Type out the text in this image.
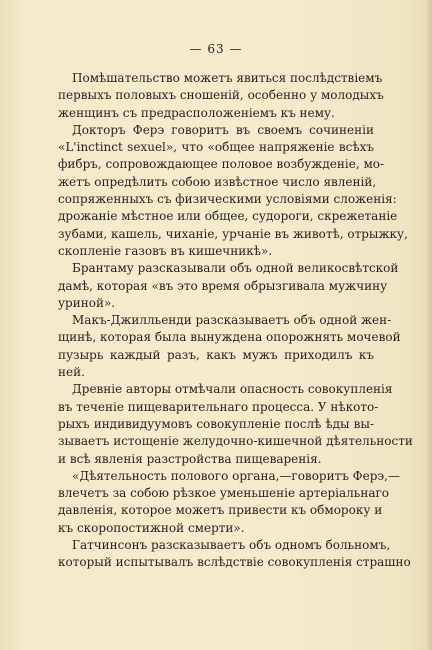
— 63 —
Помѣшательство можетъ явиться послѣдствіемъ
первыхъ половыхъ сношеній, особенно у молодыхъ
женщинъ съ предрасположеніемъ къ нему.
Докторъ Ферэ говоритъ въ своемъ сочиненіи
«L'inctinct sexuel», что «общее напряженіе всѣхъ
фибръ, сопровождающее половое возбужденіе, мо-
жетъ опредѣлить собою извѣстное число явленій,
сопряженныхъ съ физическими условіями сложенія:
дрожаніе мѣстное или общее, судороги, скрежетаніе
зубами, кашель, чиханіе, урчаніе въ животѣ, отрыжку,
скопленіе газовъ въ кишечникѣ».
Брантаму разсказывали объ одной великосвѣтской
дамѣ, которая «въ это время обрызгивала мужчину
уриной».
Макъ-Джилльенди разсказываетъ объ одной жен-
щинѣ, которая была вынуждена опорожнять мочевой
пузырь каждый разъ, какъ мужъ приходилъ къ
ней.
Древніе авторы отмѣчали опасность совокупленія
въ теченіе пищеварительнаго процесса. У нѣкото-
рыхъ индивидуумовъ совокупленіе послѣ ѣды вы-
зываетъ истощеніе желудочно-кишечной дѣятельности
и всѣ явленія разстройства пищеваренія.
«Дѣятельность полового органа,—говоритъ Ферэ,—
влечетъ за собою рѣзкое уменьшеніе артеріальнаго
давленія, которое можетъ привести къ обмороку и
къ скоропостижной смерти».
Гатчинсонъ разсказываетъ объ одномъ больномъ,
который испытывалъ вслѣдствіе совокупленія страшно
